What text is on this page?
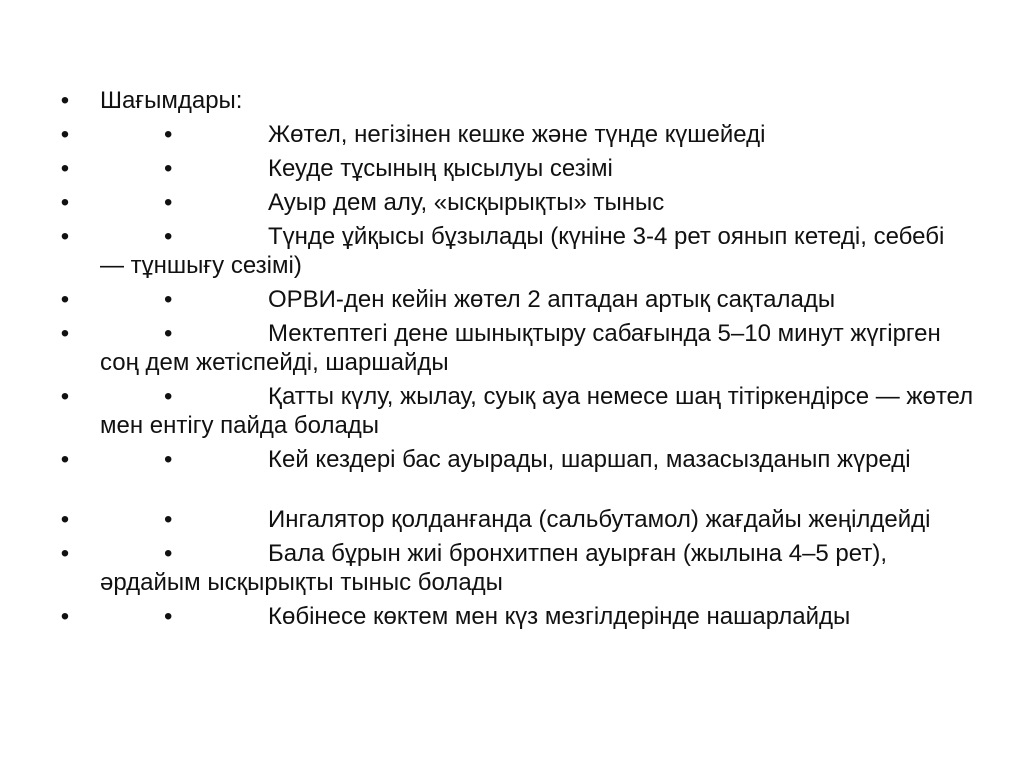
• Шағымдары:
•	•	Жөтел, негізінен кешке және түнде күшейеді
•	•	Кеуде тұсының қысылуы сезімі
•	•	Ауыр дем алу, «ысқырықты» тыныс
•	•	Түнде ұйқысы бұзылады (күніне 3-4 рет оянып кетеді, себебі — тұншығу сезімі)
•	•	ОРВИ-ден кейін жөтел 2 аптадан артық сақталады
•	•	Мектептегі дене шынықтыру сабағында 5–10 минут жүгірген соң дем жетіспейді, шаршайды
•	•	Қатты күлу, жылау, суық ауа немесе шаң тітіркендірсе — жөтел мен ентігу пайда болады
•	•	Кей кездері бас ауырады, шаршап, мазасызданып жүреді
•	•	Ингалятор қолданғанда (сальбутамол) жағдайы жеңілдейді
•	•	Бала бұрын жиі бронхитпен ауырған (жылына 4–5 рет), әрдайым ысқырықты тыныс болады
•	•	Көбінесе көктем мен күз мезгілдерінде нашарлайды
